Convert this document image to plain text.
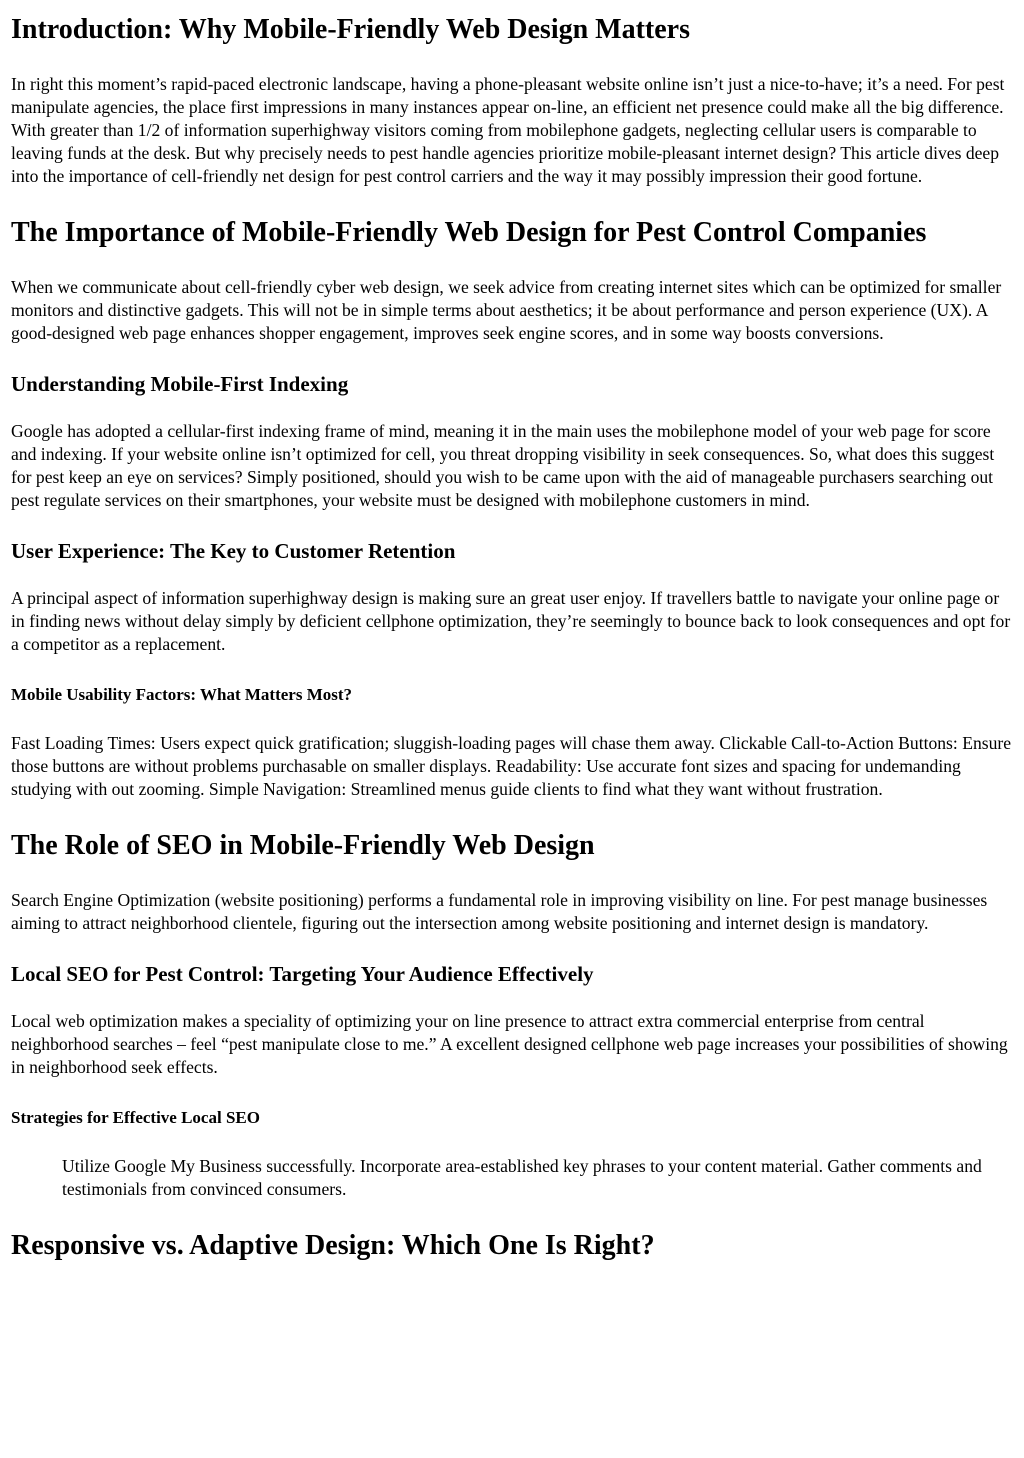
Introduction: Why Mobile-Friendly Web Design Matters

In right this moment’s rapid-paced electronic landscape, having a phone-pleasant website online isn’t just a nice-to-have; it’s a need. For pest manipulate agencies, the place first impressions in many instances appear on-line, an efficient net presence could make all the big difference. With greater than 1/2 of information superhighway visitors coming from mobilephone gadgets, neglecting cellular users is comparable to leaving funds at the desk. But why precisely needs to pest handle agencies prioritize mobile-pleasant internet design? This article dives deep into the importance of cell-friendly net design for pest control carriers and the way it may possibly impression their good fortune.

The Importance of Mobile-Friendly Web Design for Pest Control Companies

When we communicate about cell-friendly cyber web design, we seek advice from creating internet sites which can be optimized for smaller monitors and distinctive gadgets. This will not be in simple terms about aesthetics; it be about performance and person experience (UX). A good-designed web page enhances shopper engagement, improves seek engine scores, and in some way boosts conversions.

Understanding Mobile-First Indexing

Google has adopted a cellular-first indexing frame of mind, meaning it in the main uses the mobilephone model of your web page for score and indexing. If your website online isn’t optimized for cell, you threat dropping visibility in seek consequences. So, what does this suggest for pest keep an eye on services? Simply positioned, should you wish to be came upon with the aid of manageable purchasers searching out pest regulate services on their smartphones, your website must be designed with mobilephone customers in mind.

User Experience: The Key to Customer Retention

A principal aspect of information superhighway design is making sure an great user enjoy. If travellers battle to navigate your online page or in finding news without delay simply by deficient cellphone optimization, they’re seemingly to bounce back to look consequences and opt for a competitor as a replacement.

Mobile Usability Factors: What Matters Most?

Fast Loading Times: Users expect quick gratification; sluggish-loading pages will chase them away. Clickable Call-to-Action Buttons: Ensure those buttons are without problems purchasable on smaller displays. Readability: Use accurate font sizes and spacing for undemanding studying with out zooming. Simple Navigation: Streamlined menus guide clients to find what they want without frustration.

The Role of SEO in Mobile-Friendly Web Design

Search Engine Optimization (website positioning) performs a fundamental role in improving visibility on line. For pest manage businesses aiming to attract neighborhood clientele, figuring out the intersection among website positioning and internet design is mandatory.

Local SEO for Pest Control: Targeting Your Audience Effectively

Local web optimization makes a speciality of optimizing your on line presence to attract extra commercial enterprise from central neighborhood searches – feel “pest manipulate close to me.” A excellent designed cellphone web page increases your possibilities of showing in neighborhood seek effects.

Strategies for Effective Local SEO

Utilize Google My Business successfully. Incorporate area-established key phrases to your content material. Gather comments and testimonials from convinced consumers.

Responsive vs. Adaptive Design: Which One Is Right?
